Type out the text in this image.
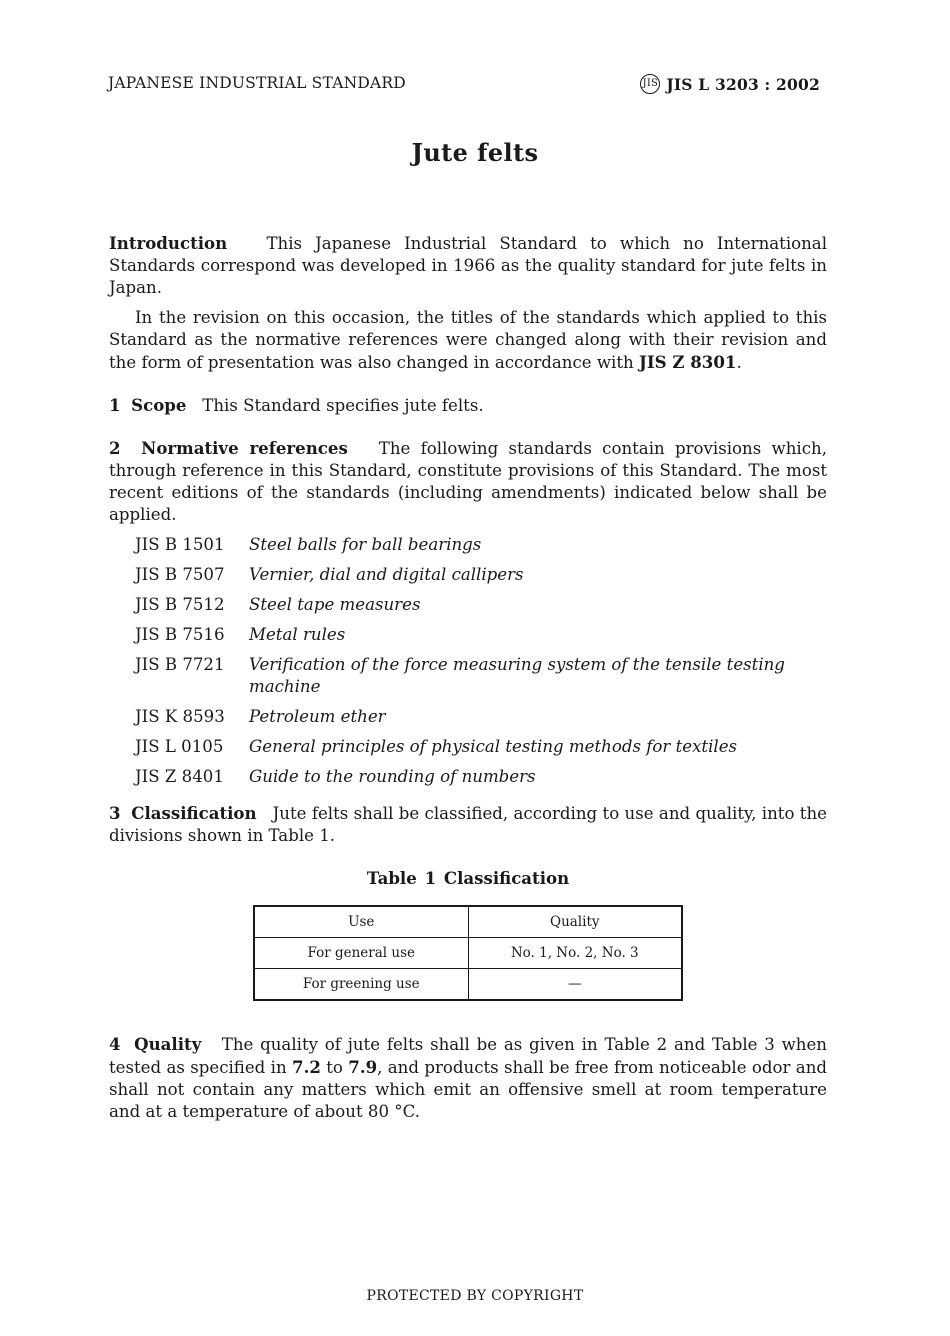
JAPANESE INDUSTRIAL STANDARD	JIS JIS L 3203 : 2002
Jute felts

Introduction This Japanese Industrial Standard to which no International Standards correspond was developed in 1966 as the quality standard for jute felts in Japan.

In the revision on this occasion, the titles of the standards which applied to this Standard as the normative references were changed along with their revision and the form of presentation was also changed in accordance with JIS Z 8301.

1 Scope This Standard specifies jute felts.

2 Normative references The following standards contain provisions which, through reference in this Standard, constitute provisions of this Standard. The most recent editions of the standards (including amendments) indicated below shall be applied.

JIS B 1501	Steel balls for ball bearings
JIS B 7507	Vernier, dial and digital callipers
JIS B 7512	Steel tape measures
JIS B 7516	Metal rules
JIS B 7721	Verification of the force measuring system of the tensile testing machine
JIS K 8593	Petroleum ether
JIS L 0105	General principles of physical testing methods for textiles
JIS Z 8401	Guide to the rounding of numbers

3 Classification Jute felts shall be classified, according to use and quality, into the divisions shown in Table 1.

Table 1 Classification
Use	Quality
For general use	No. 1, No. 2, No. 3
For greening use	—

4 Quality The quality of jute felts shall be as given in Table 2 and Table 3 when tested as specified in 7.2 to 7.9, and products shall be free from noticeable odor and shall not contain any matters which emit an offensive smell at room temperature and at a temperature of about 80 °C.

PROTECTED BY COPYRIGHT
